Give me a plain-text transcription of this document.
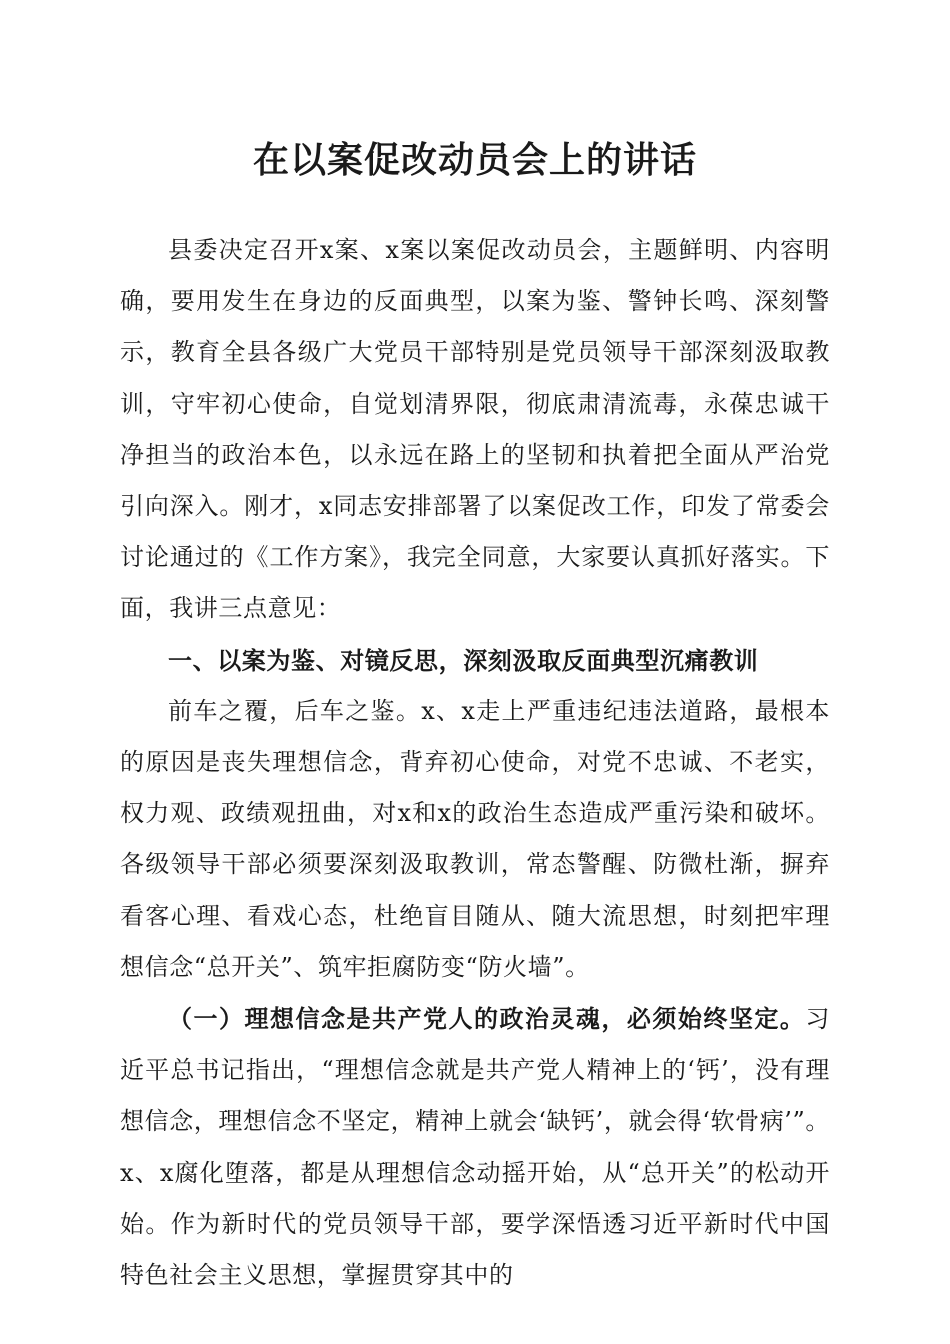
在以案促改动员会上的讲话

县委决定召开x案、x案以案促改动员会，主题鲜明、内容明确，要用发生在身边的反面典型，以案为鉴、警钟长鸣、深刻警示，教育全县各级广大党员干部特别是党员领导干部深刻汲取教训，守牢初心使命，自觉划清界限，彻底肃清流毒，永葆忠诚干净担当的政治本色，以永远在路上的坚韧和执着把全面从严治党引向深入。刚才，x同志安排部署了以案促改工作，印发了常委会讨论通过的《工作方案》，我完全同意，大家要认真抓好落实。下面，我讲三点意见：

一、以案为鉴、对镜反思，深刻汲取反面典型沉痛教训

前车之覆，后车之鉴。x、x走上严重违纪违法道路，最根本的原因是丧失理想信念，背弃初心使命，对党不忠诚、不老实，权力观、政绩观扭曲，对x和x的政治生态造成严重污染和破坏。各级领导干部必须要深刻汲取教训，常态警醒、防微杜渐，摒弃看客心理、看戏心态，杜绝盲目随从、随大流思想，时刻把牢理想信念“总开关”、筑牢拒腐防变“防火墙”。

（一）理想信念是共产党人的政治灵魂，必须始终坚定。习近平总书记指出，“理想信念就是共产党人精神上的‘钙’，没有理想信念，理想信念不坚定，精神上就会‘缺钙’，就会得‘软骨病’”。x、x腐化堕落，都是从理想信念动摇开始，从“总开关”的松动开始。作为新时代的党员领导干部，要学深悟透习近平新时代中国特色社会主义思想，掌握贯穿其中的
